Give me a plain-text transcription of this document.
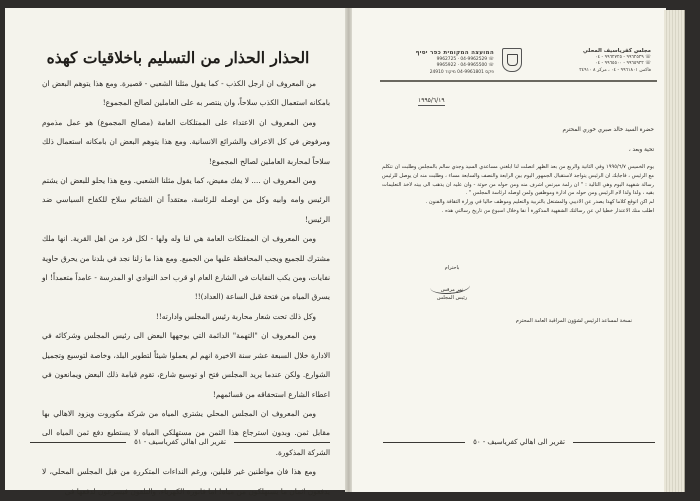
الحذار الحذار من التسليم باخلاقيات كهذه

من المعروف ان ارجل الكذب - كما يقول مثلنا الشعبي - قصيرة. ومع هذا يتوهم البعض ان بامكانه استعمال الكذب سلاحاً، وان ينتصر به على العاملين لصالح المجموع!

ومن المعروف ان الاعتداء على الممتلكات العامة (مصالح المجموع) هو عمل مذموم ومرفوض في كل الاعراف والشرائع الانسانية. ومع هذا يتوهم البعض ان بامكانه استعمال ذلك سلاحاً لمحاربة العاملين لصالح المجموع!

ومن المعروف ان .... لا يفك مفيض، كما يقول مثلنا الشعبي. ومع هذا يحلو للبعض ان يشتم الرئيس وامه وابيه وكل من اوصله للرئاسة، معتقداً ان الشتائم سلاح للكفاح السياسي ضد الرئيس!

ومن المعروف ان الممتلكات العامة هي لنا وله ولها - لكل فرد من اهل القرية. انها ملك مشترك للجميع ويجب المحافظة عليها من الجميع. ومع هذا ما زلنا نجد في بلدنا من يحرق حاوية نفايات، ومن يكب النفايات في الشارع العام او قرب احد النوادي او المدرسة - عامداً متعمداً! او يسرق المياه من فتحة قبل الساعة (العداد)!!

وكل ذلك تحت شعار محاربة رئيس المجلس وادارته!!

ومن المعروف ان "التهمة" الدائمة التي يوجهها البعض الى رئيس المجلس وشركائه في الادارة خلال السبعة عشر سنة الاخيرة انهم لم يعملوا شيئاً لتطوير البلد، وخاصة لتوسيع وتجميل الشوارع. ولكن عندما يريد المجلس فتح او توسيع شارع، تقوم قيامة ذلك البعض ويمانعون في اعطاء الشارع استحقاقه من قسائمهم!

ومن المعروف ان المجلس المحلي يشتري المياه من شركة مكوروت ويزود الاهالي بها مقابل ثمن. وبدون استرجاع هذا الثمن من مستهلكي المياه لا يستطيع دفع ثمن المياه الى الشركة المذكورة.

ومع هذا فان مواطنين غير قليلين، ورغم النداءات المتكررة من قبل المجلس المحلي، لا يدفعون اثمان ما يستهلكون من مياه! اما فاتورة الكهرباء، والتلفون فيسرعون لدفعها في

تقرير الى اهالي كفرياسيف - ٥١
مجلس كفرياسيف المحلي
☏ ٩٩٦٢٥٢٩ - ٩٩٦٢٧٢٥ - ٠٤
☏ ٩٩٦٥٩٢٢ - ٩٩٦٥٥٠٠ - ٠٤
فاكس ٩٩٦١٨٠١ - ٠٤ ، مركز ٨ ٢٤٩١٠
המועצה המקומית כפר יסיף
☏ 04-9962529 · 9962725
☏ 04-9965500 · 9965922
פקס 04-9961801 מיקוד 24910
١٩٩٥/٦/١٩
حضرة السيد خالد صبري خوري المحترم
تحية وبعد ،

يوم الخميس ١٩٩٥/٦/٧ وفي الثانية والربع من بعد الظهر اتصلت لنا ابلغني مساعدي السيد وجدي سالم بالمجلس وطلبت ان تتكلم مع الرئيس ، فاجابك ان الرئيس يتواجد لاستقبال الجمهور اليوم بين الرابعة والنصف والسابعة مساء ، وطلبت منه ان يوصل للرئيس رسالة شفهية اليوم وهي التالية : " ان زلمة ميرتس اشرف منه ومن حوله من حوثة - وان عليه ان يذهب الى بيته لاخذ التعليمات بقيه ، ولذا ولذا لام الرئيس ومن حوله من ادارة وموظفين ولمن اوصله لرئاسة المجلس " .

لم اكن اتوقع كلاما كهذا يصدر عن الاديبي والمشتغل بالتربية والتعليم وموظف حاليا في وزارة الثقافة والفنون .

اطلب منك الاعتذار خطيا لي عن رسالتك الشفهية المذكورة أ نفا وخلال اسبوع من تاريخ رسالتي هذه .

باحترام
نمر مرقس
رئيس المجلس
نسخة لمساعد الرئيس لشؤون المراقبة العامة المحترم
تقرير الى اهالي كفرياسيف - ٥٠
